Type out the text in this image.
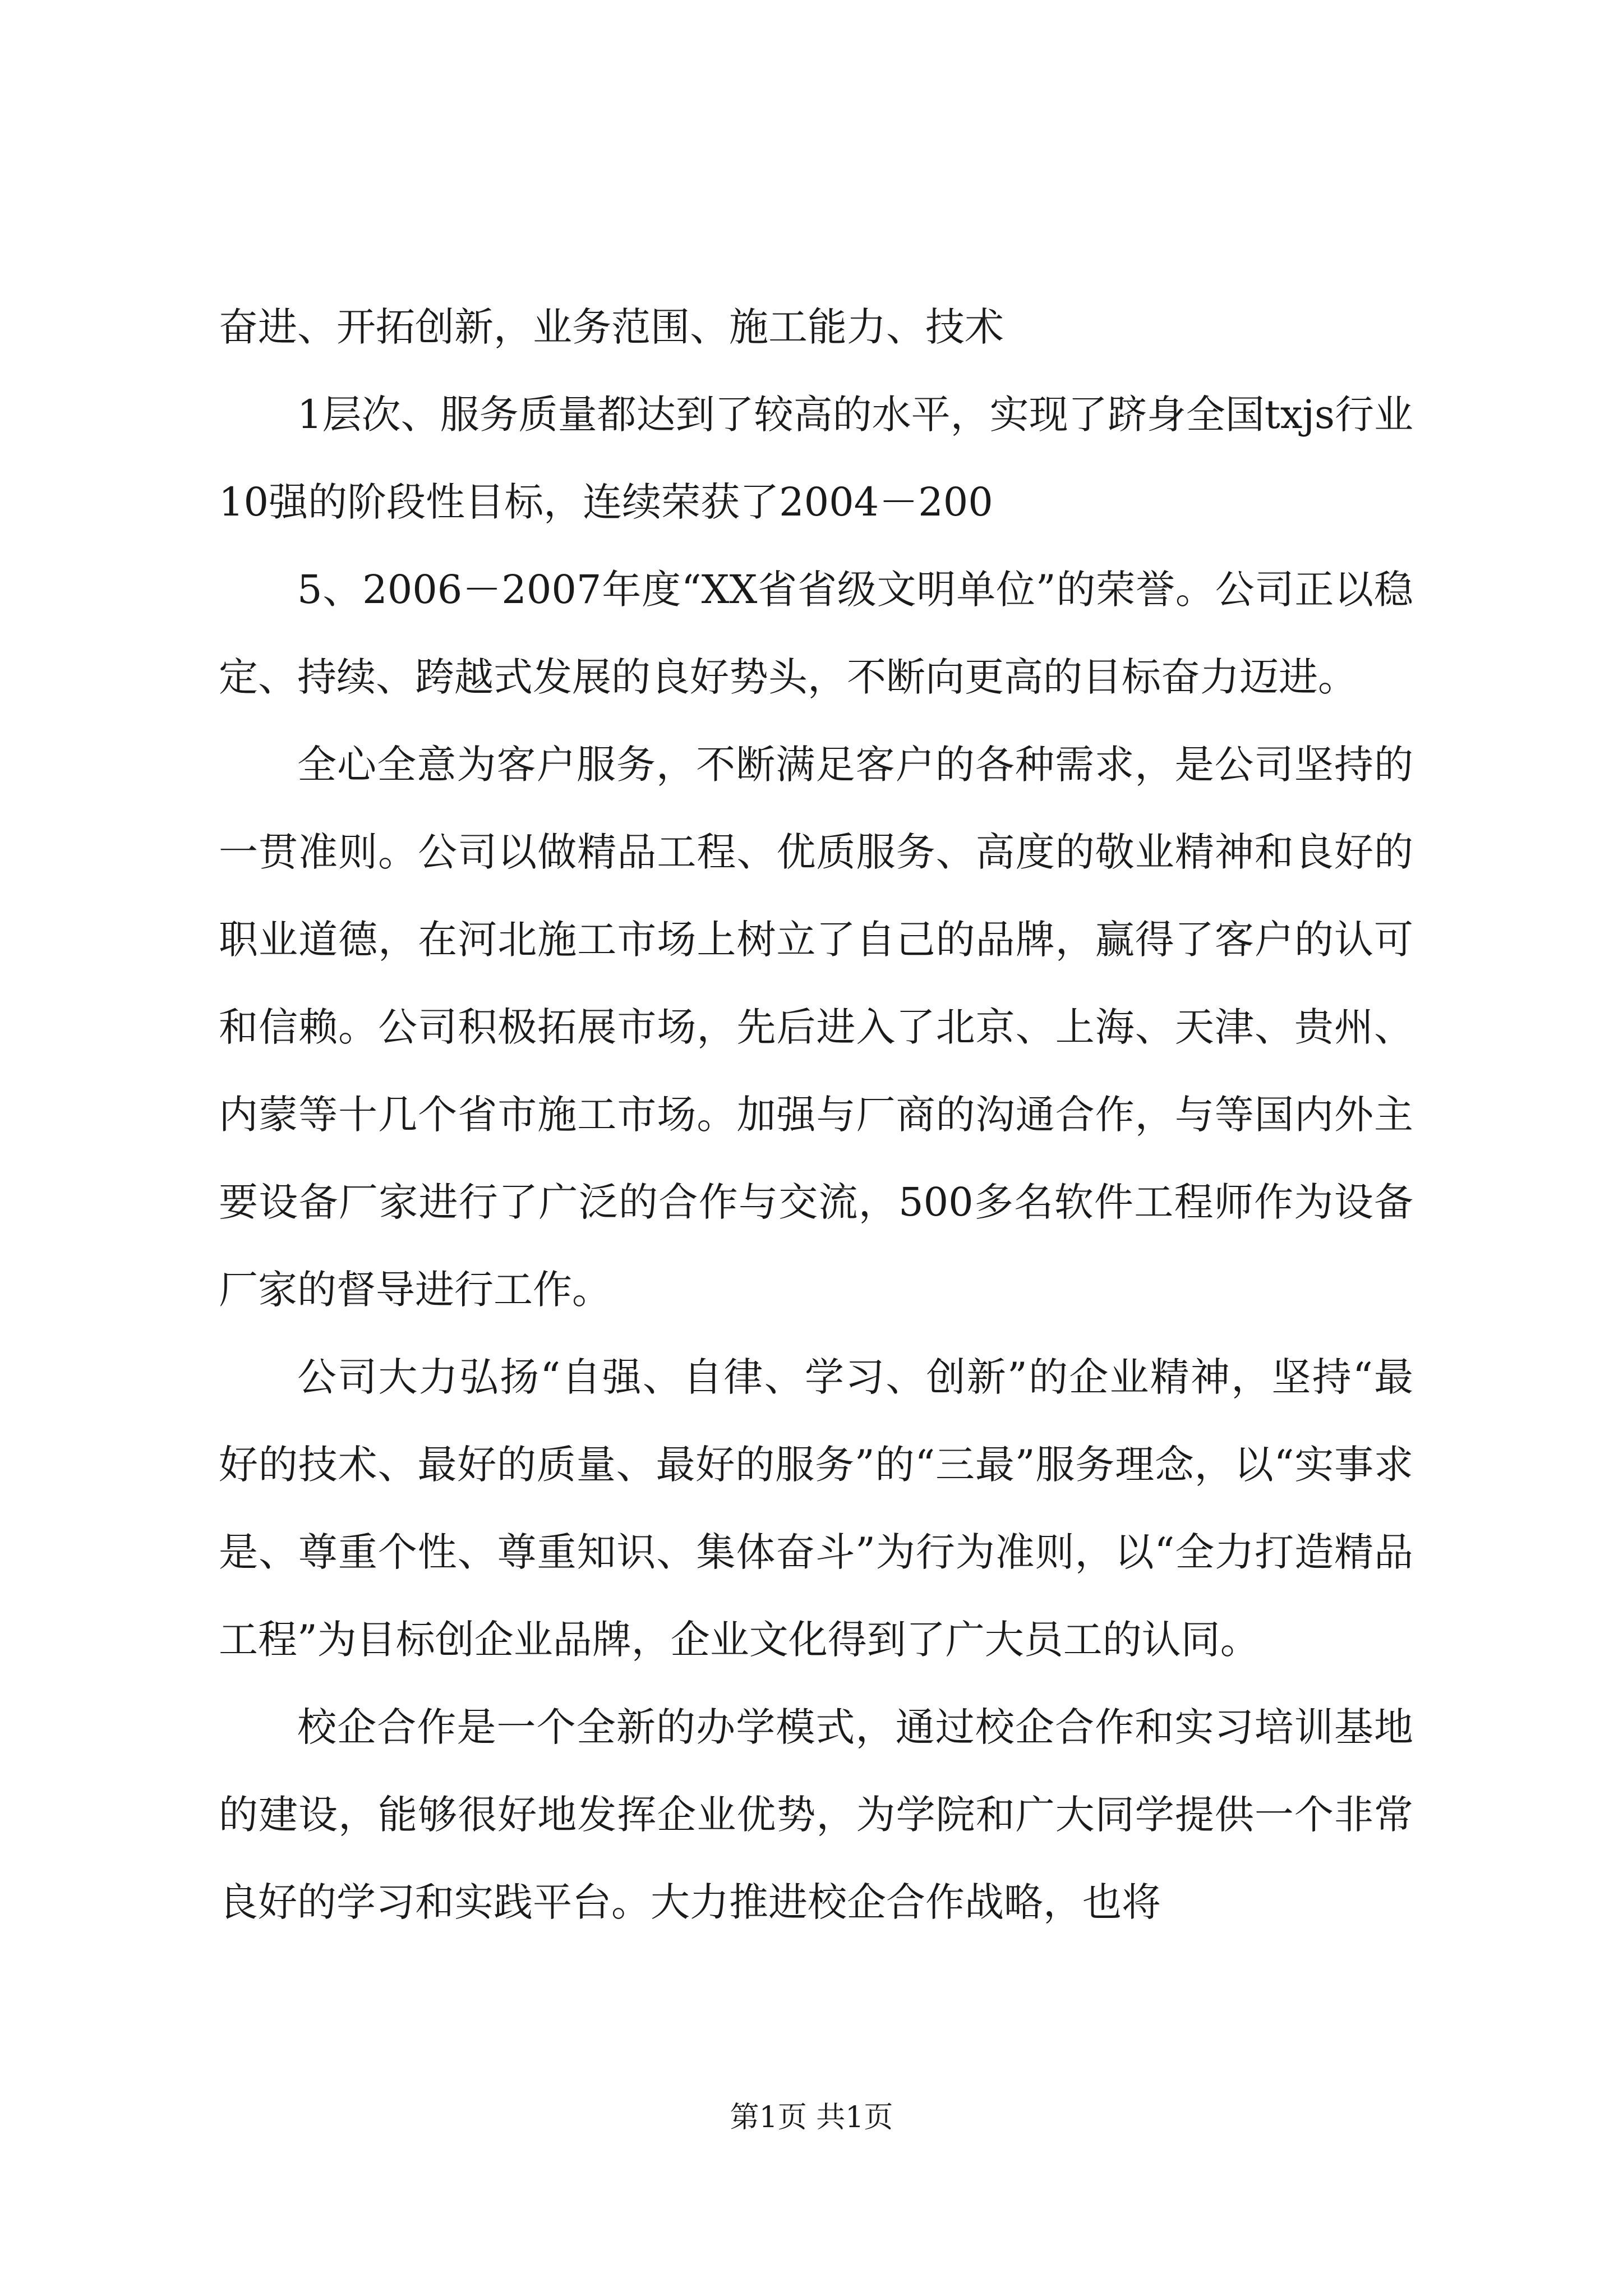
奋进、开拓创新，业务范围、施工能力、技术

1层次、服务质量都达到了较高的水平，实现了跻身全国txjs行业10强的阶段性目标，连续荣获了2004－200

5、2006－2007年度“XX省省级文明单位”的荣誉。公司正以稳定、持续、跨越式发展的良好势头，不断向更高的目标奋力迈进。

全心全意为客户服务，不断满足客户的各种需求，是公司坚持的一贯准则。公司以做精品工程、优质服务、高度的敬业精神和良好的职业道德，在河北施工市场上树立了自己的品牌，赢得了客户的认可和信赖。公司积极拓展市场，先后进入了北京、上海、天津、贵州、内蒙等十几个省市施工市场。加强与厂商的沟通合作，与等国内外主要设备厂家进行了广泛的合作与交流，500多名软件工程师作为设备厂家的督导进行工作。

公司大力弘扬“自强、自律、学习、创新”的企业精神，坚持“最好的技术、最好的质量、最好的服务”的“三最”服务理念，以“实事求是、尊重个性、尊重知识、集体奋斗”为行为准则，以“全力打造精品工程”为目标创企业品牌，企业文化得到了广大员工的认同。

校企合作是一个全新的办学模式，通过校企合作和实习培训基地的建设，能够很好地发挥企业优势，为学院和广大同学提供一个非常良好的学习和实践平台。大力推进校企合作战略，也将

第1页 共1页
